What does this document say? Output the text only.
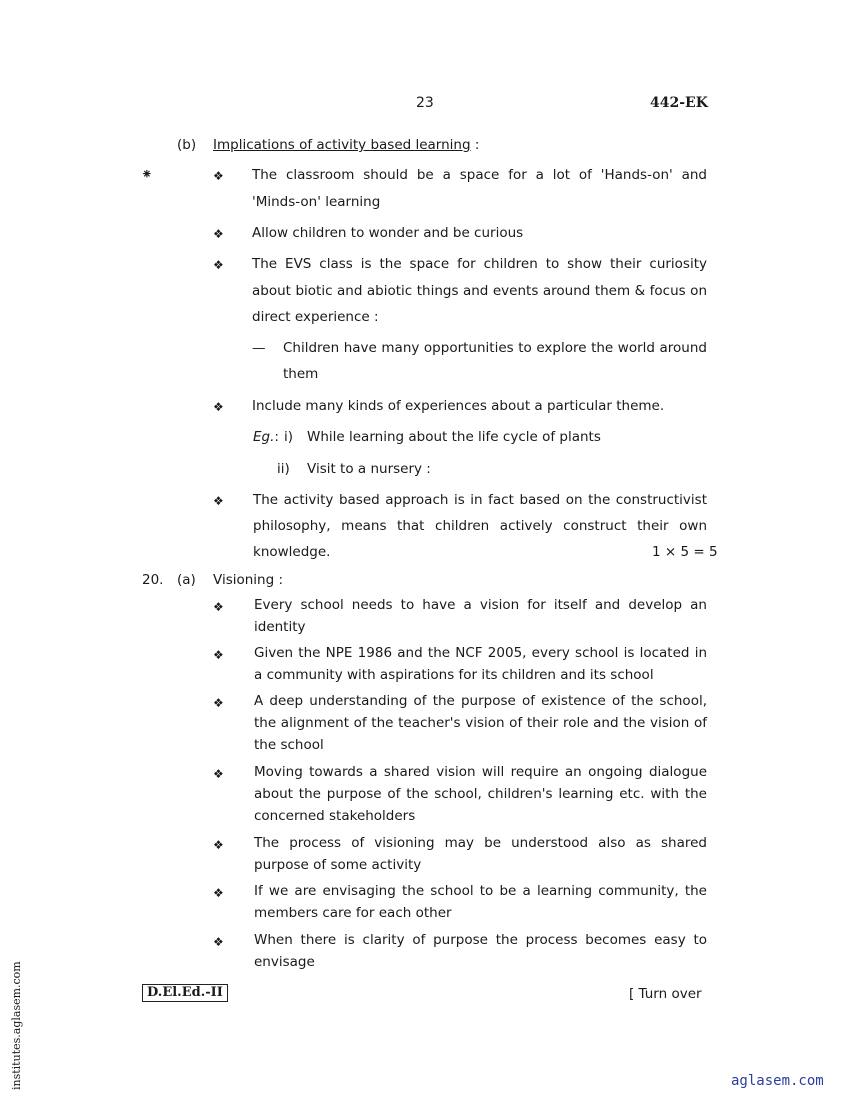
23	442-EK
(b) Implications of activity based learning :
⁕	❖ The classroom should be a space for a lot of 'Hands-on' and 'Minds-on' learning
❖ Allow children to wonder and be curious
❖ The EVS class is the space for children to show their curiosity about biotic and abiotic things and events around them & focus on direct experience :
— Children have many opportunities to explore the world around them
❖ Include many kinds of experiences about a particular theme.
Eg.: i) While learning about the life cycle of plants
ii) Visit to a nursery :
❖ The activity based approach is in fact based on the constructivist philosophy, means that children actively construct their own knowledge.	1 × 5 = 5
20. (a) Visioning :
❖ Every school needs to have a vision for itself and develop an identity
❖ Given the NPE 1986 and the NCF 2005, every school is located in a community with aspirations for its children and its school
❖ A deep understanding of the purpose of existence of the school, the alignment of the teacher's vision of their role and the vision of the school
❖ Moving towards a shared vision will require an ongoing dialogue about the purpose of the school, children's learning etc. with the concerned stakeholders
❖ The process of visioning may be understood also as shared purpose of some activity
❖ If we are envisaging the school to be a learning community, the members care for each other
❖ When there is clarity of purpose the process becomes easy to envisage
D.El.Ed.-II	[ Turn over
institutes.aglasem.com	aglasem.com
